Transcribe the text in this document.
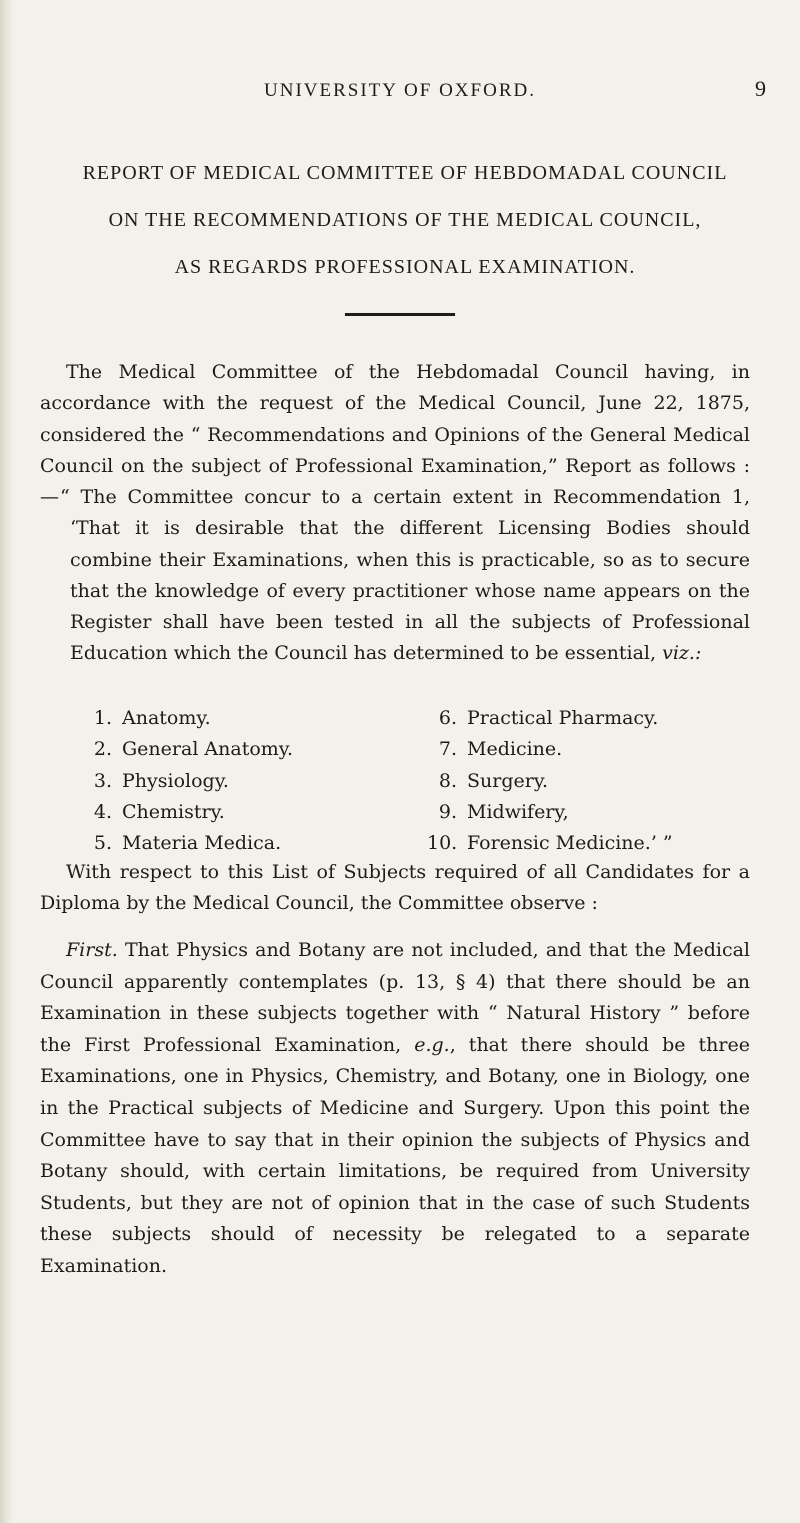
UNIVERSITY OF OXFORD.	9
REPORT OF MEDICAL COMMITTEE OF HEBDOMADAL COUNCIL
ON THE RECOMMENDATIONS OF THE MEDICAL COUNCIL,
AS REGARDS PROFESSIONAL EXAMINATION.

The Medical Committee of the Hebdomadal Council having, in accordance with the request of the Medical Council, June 22, 1875, considered the “ Recommendations and Opinions of the General Medical Council on the subject of Professional Examination,” Report as follows :— “ The Committee concur to a certain extent in Recommendation 1, ‘That it is desirable that the different Licensing Bodies should combine their Examinations, when this is practicable, so as to secure that the knowledge of every practitioner whose name appears on the Register shall have been tested in all the subjects of Professional Education which the Council has determined to be essential, viz.:

1. Anatomy.	6. Practical Pharmacy.
2. General Anatomy.	7. Medicine.
3. Physiology.	8. Surgery.
4. Chemistry.	9. Midwifery,
5. Materia Medica.	10. Forensic Medicine.’ ”

With respect to this List of Subjects required of all Candidates for a Diploma by the Medical Council, the Committee observe :

First. That Physics and Botany are not included, and that the Medical Council apparently contemplates (p. 13, § 4) that there should be an Examination in these subjects together with “ Natural History ” before the First Professional Examination, e.g., that there should be three Examinations, one in Physics, Chemistry, and Botany, one in Biology, one in the Practical subjects of Medicine and Surgery. Upon this point the Committee have to say that in their opinion the subjects of Physics and Botany should, with certain limitations, be required from University Students, but they are not of opinion that in the case of such Students these subjects should of necessity be relegated to a separate Examination.
